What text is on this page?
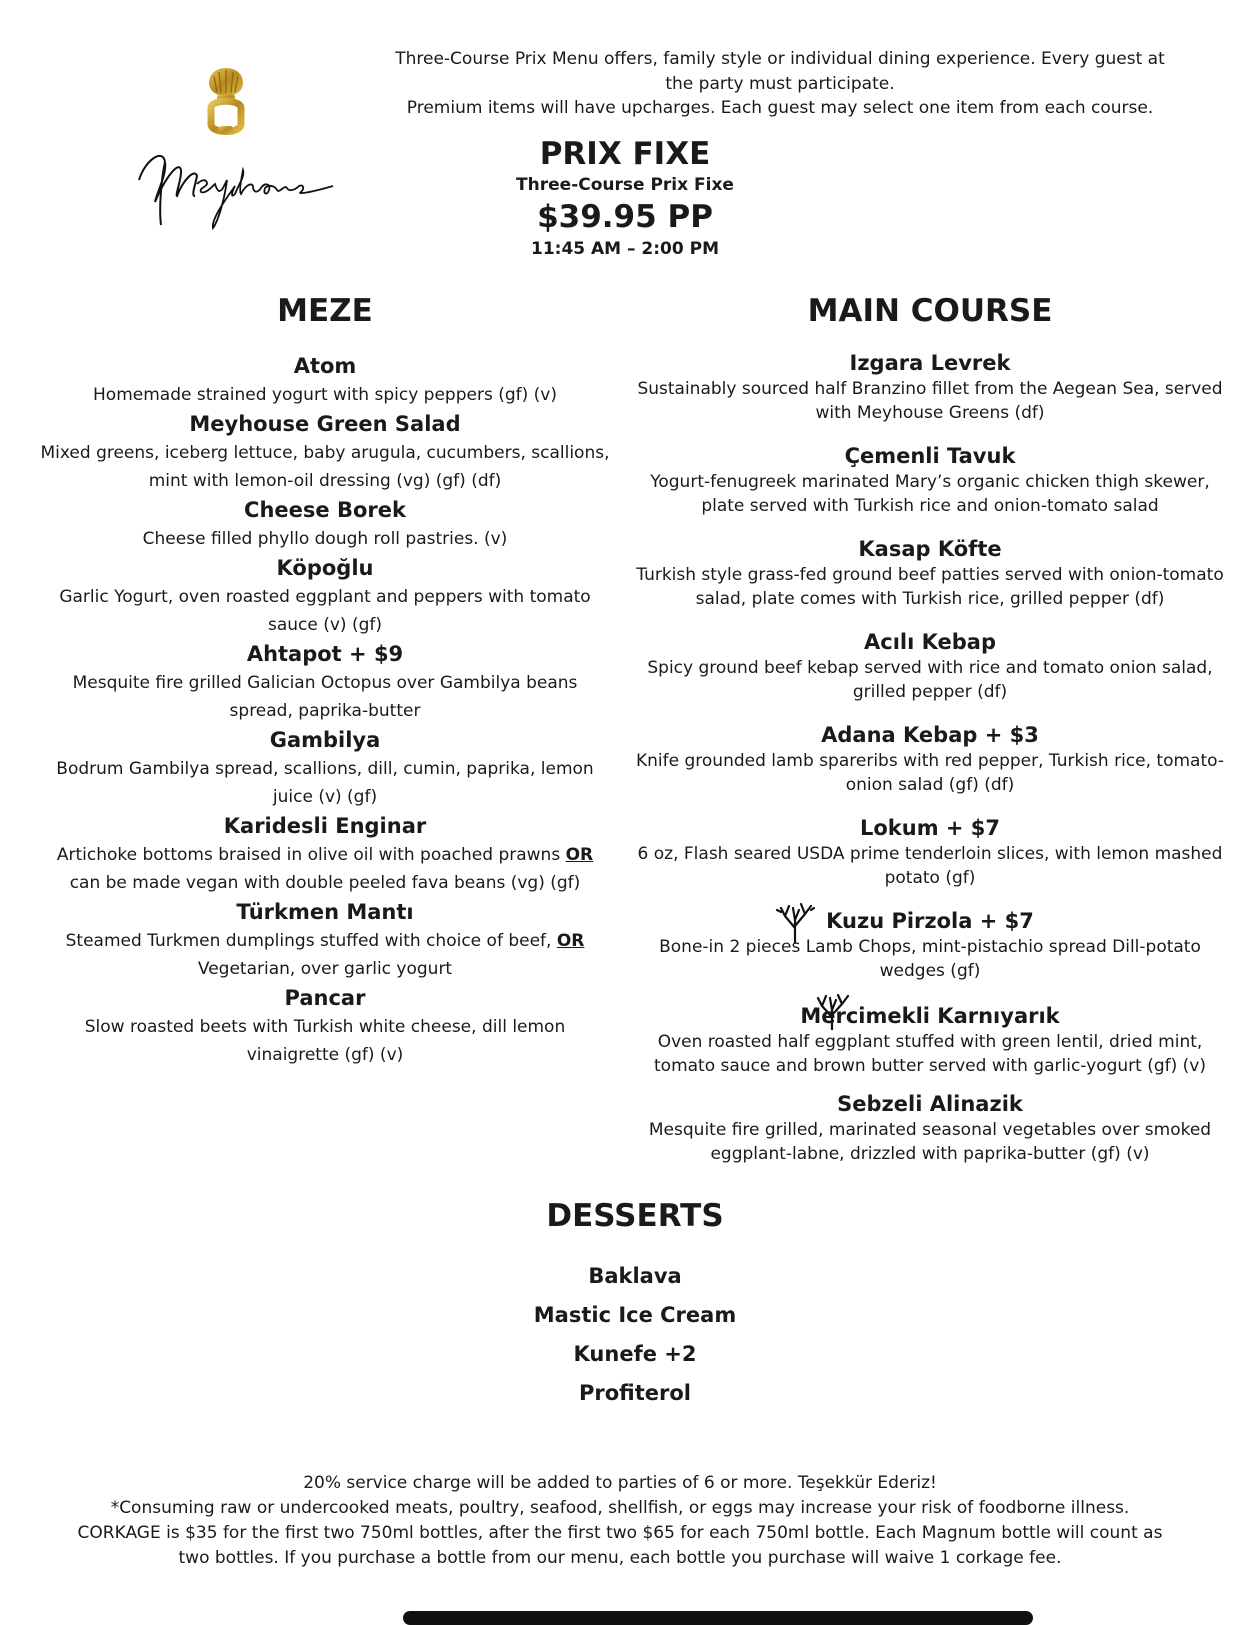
Three-Course Prix Menu offers, family style or individual dining experience. Every guest at the party must participate.
Premium items will have upcharges. Each guest may select one item from each course.
PRIX FIXE
Three-Course Prix Fixe
$39.95 PP
11:45 AM – 2:00 PM
MEZE	MAIN COURSE
Atom
Homemade strained yogurt with spicy peppers (gf) (v)
Meyhouse Green Salad
Mixed greens, iceberg lettuce, baby arugula, cucumbers, scallions, mint with lemon-oil dressing (vg) (gf) (df)
Cheese Borek
Cheese filled phyllo dough roll pastries. (v)
Köpoğlu
Garlic Yogurt, oven roasted eggplant and peppers with tomato sauce (v) (gf)
Ahtapot + $9
Mesquite fire grilled Galician Octopus over Gambilya beans spread, paprika-butter
Gambilya
Bodrum Gambilya spread, scallions, dill, cumin, paprika, lemon juice (v) (gf)
Karidesli Enginar
Artichoke bottoms braised in olive oil with poached prawns OR can be made vegan with double peeled fava beans (vg) (gf)
Türkmen Mantı
Steamed Turkmen dumplings stuffed with choice of beef, OR Vegetarian, over garlic yogurt
Pancar
Slow roasted beets with Turkish white cheese, dill lemon vinaigrette (gf) (v)
Izgara Levrek
Sustainably sourced half Branzino fillet from the Aegean Sea, served with Meyhouse Greens (df)
Çemenli Tavuk
Yogurt-fenugreek marinated Mary’s organic chicken thigh skewer, plate served with Turkish rice and onion-tomato salad
Kasap Köfte
Turkish style grass-fed ground beef patties served with onion-tomato salad, plate comes with Turkish rice, grilled pepper (df)
Acılı Kebap
Spicy ground beef kebap served with rice and tomato onion salad, grilled pepper (df)
Adana Kebap + $3
Knife grounded lamb spareribs with red pepper, Turkish rice, tomato-onion salad (gf) (df)
Lokum + $7
6 oz, Flash seared USDA prime tenderloin slices, with lemon mashed potato (gf)
Kuzu Pirzola + $7
Bone-in 2 pieces Lamb Chops, mint-pistachio spread Dill-potato wedges (gf)
Mercimekli Karnıyarık
Oven roasted half eggplant stuffed with green lentil, dried mint, tomato sauce and brown butter served with garlic-yogurt (gf) (v)
Sebzeli Alinazik
Mesquite fire grilled, marinated seasonal vegetables over smoked eggplant-labne, drizzled with paprika-butter (gf) (v)
DESSERTS
Baklava
Mastic Ice Cream
Kunefe +2
Profiterol
20% service charge will be added to parties of 6 or more. Teşekkür Ederiz!
*Consuming raw or undercooked meats, poultry, seafood, shellfish, or eggs may increase your risk of foodborne illness.
CORKAGE is $35 for the first two 750ml bottles, after the first two $65 for each 750ml bottle. Each Magnum bottle will count as two bottles. If you purchase a bottle from our menu, each bottle you purchase will waive 1 corkage fee.
